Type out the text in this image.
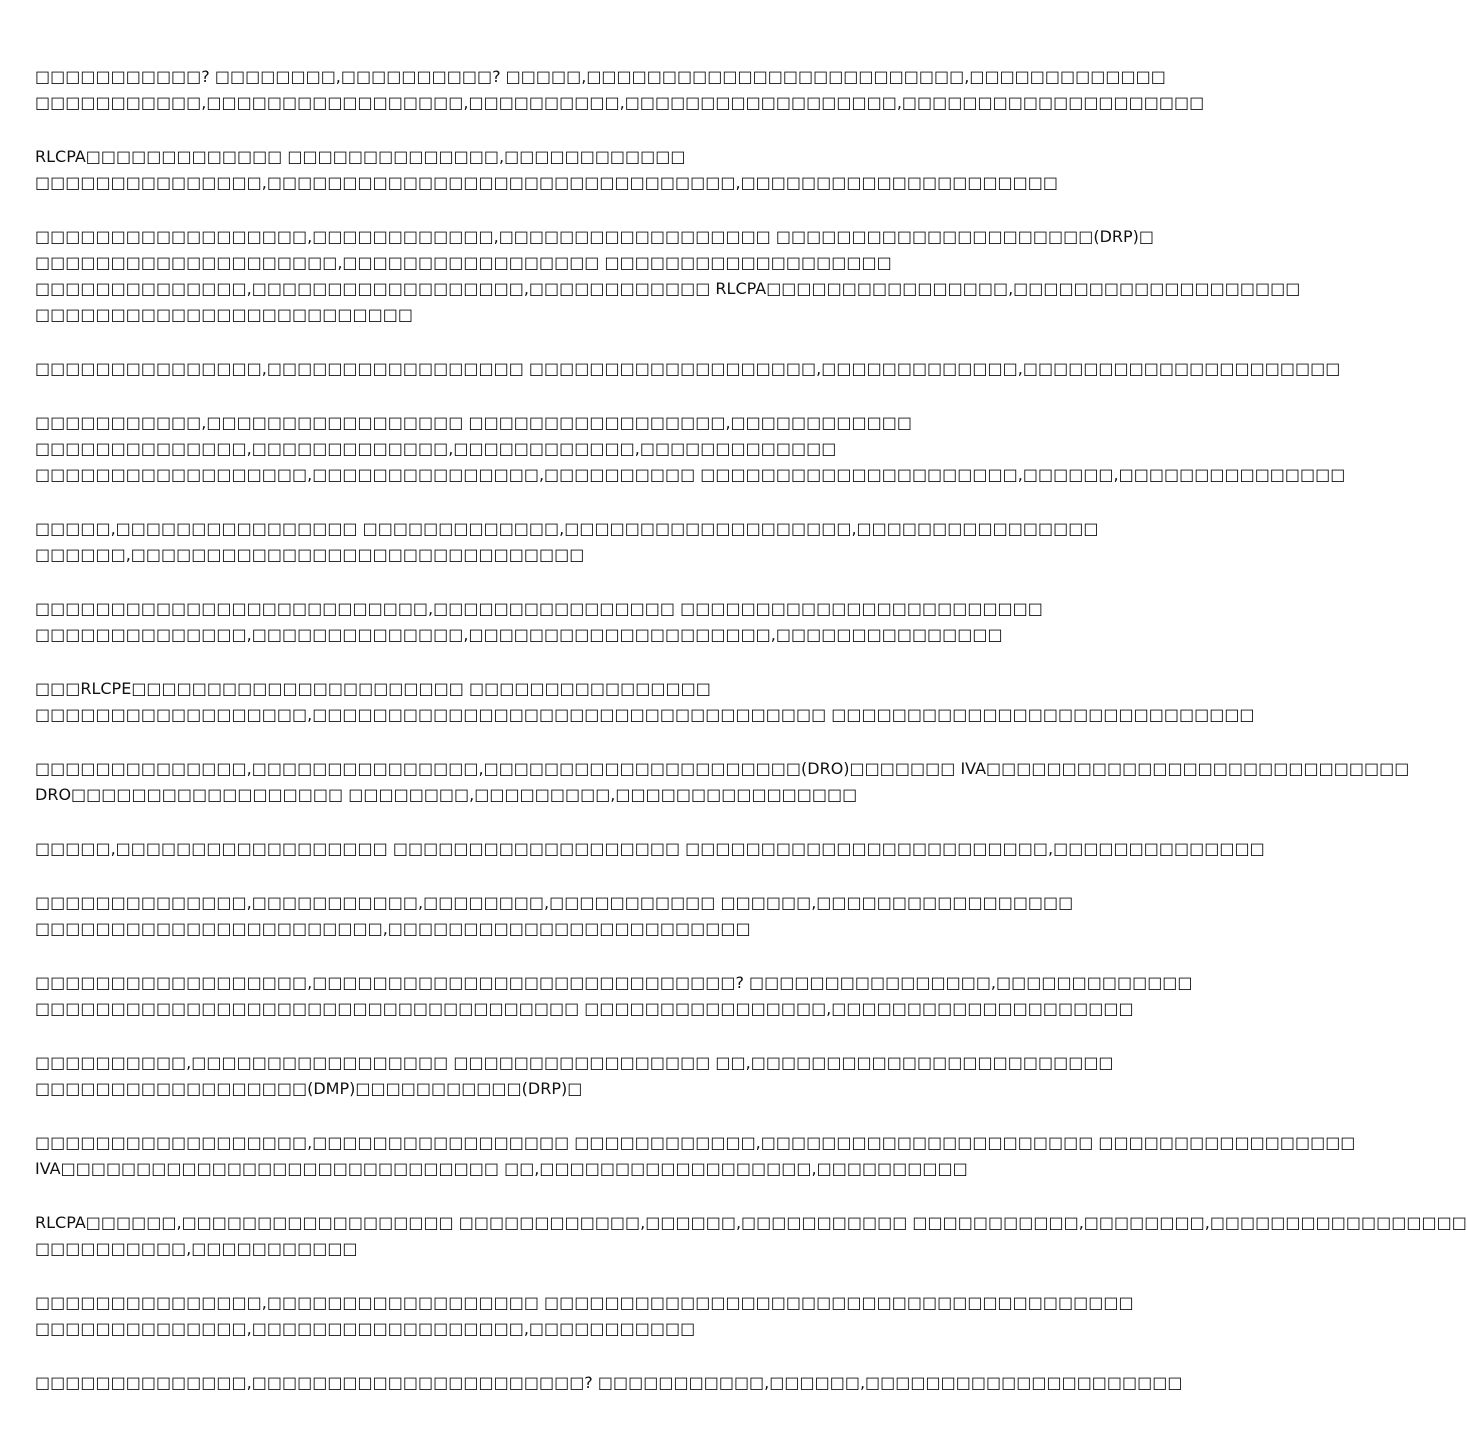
□□□□□□□□□□□? □□□□□□□□,□□□□□□□□□□? □□□□□,□□□□□□□□□□□□□□□□□□□□□□□□□,□□□□□□□□□□□□□
□□□□□□□□□□□,□□□□□□□□□□□□□□□□□,□□□□□□□□□□,□□□□□□□□□□□□□□□□□□,□□□□□□□□□□□□□□□□□□□□

RLCPA□□□□□□□□□□□□□ □□□□□□□□□□□□□□,□□□□□□□□□□□□
□□□□□□□□□□□□□□□,□□□□□□□□□□□□□□□□□□□□□□□□□□□□□□□,□□□□□□□□□□□□□□□□□□□□□

□□□□□□□□□□□□□□□□□□,□□□□□□□□□□□□,□□□□□□□□□□□□□□□□□□ □□□□□□□□□□□□□□□□□□□□□(DRP)□
□□□□□□□□□□□□□□□□□□□□,□□□□□□□□□□□□□□□□□ □□□□□□□□□□□□□□□□□□□
□□□□□□□□□□□□□□,□□□□□□□□□□□□□□□□□□,□□□□□□□□□□□□ RLCPA□□□□□□□□□□□□□□□□,□□□□□□□□□□□□□□□□□□□
□□□□□□□□□□□□□□□□□□□□□□□□□

□□□□□□□□□□□□□□□,□□□□□□□□□□□□□□□□□ □□□□□□□□□□□□□□□□□□□,□□□□□□□□□□□□□,□□□□□□□□□□□□□□□□□□□□□

□□□□□□□□□□□,□□□□□□□□□□□□□□□□□ □□□□□□□□□□□□□□□□□,□□□□□□□□□□□□
□□□□□□□□□□□□□□,□□□□□□□□□□□□□,□□□□□□□□□□□□,□□□□□□□□□□□□□
□□□□□□□□□□□□□□□□□□,□□□□□□□□□□□□□□□,□□□□□□□□□□ □□□□□□□□□□□□□□□□□□□□□,□□□□□□,□□□□□□□□□□□□□□□

□□□□□,□□□□□□□□□□□□□□□□ □□□□□□□□□□□□□,□□□□□□□□□□□□□□□□□□□,□□□□□□□□□□□□□□□□
□□□□□□,□□□□□□□□□□□□□□□□□□□□□□□□□□□□□□

□□□□□□□□□□□□□□□□□□□□□□□□□□,□□□□□□□□□□□□□□□□ □□□□□□□□□□□□□□□□□□□□□□□□
□□□□□□□□□□□□□□,□□□□□□□□□□□□□□,□□□□□□□□□□□□□□□□□□□□,□□□□□□□□□□□□□□□

□□□RLCPE□□□□□□□□□□□□□□□□□□□□□□ □□□□□□□□□□□□□□□□
□□□□□□□□□□□□□□□□□□,□□□□□□□□□□□□□□□□□□□□□□□□□□□□□□□□□□ □□□□□□□□□□□□□□□□□□□□□□□□□□□□

□□□□□□□□□□□□□□,□□□□□□□□□□□□□□□,□□□□□□□□□□□□□□□□□□□□□(DRO)□□□□□□□ IVA□□□□□□□□□□□□□□□□□□□□□□□□□□□□
DRO□□□□□□□□□□□□□□□□□□ □□□□□□□□,□□□□□□□□□,□□□□□□□□□□□□□□□□

□□□□□,□□□□□□□□□□□□□□□□□□ □□□□□□□□□□□□□□□□□□□ □□□□□□□□□□□□□□□□□□□□□□□□,□□□□□□□□□□□□□□

□□□□□□□□□□□□□□,□□□□□□□□□□□,□□□□□□□□,□□□□□□□□□□□ □□□□□□,□□□□□□□□□□□□□□□□□
□□□□□□□□□□□□□□□□□□□□□□□,□□□□□□□□□□□□□□□□□□□□□□□□

□□□□□□□□□□□□□□□□□□,□□□□□□□□□□□□□□□□□□□□□□□□□□□□? □□□□□□□□□□□□□□□□,□□□□□□□□□□□□□
□□□□□□□□□□□□□□□□□□□□□□□□□□□□□□□□□□□□ □□□□□□□□□□□□□□□□,□□□□□□□□□□□□□□□□□□□□

□□□□□□□□□□,□□□□□□□□□□□□□□□□□ □□□□□□□□□□□□□□□□□ □□,□□□□□□□□□□□□□□□□□□□□□□□□
□□□□□□□□□□□□□□□□□□(DMP)□□□□□□□□□□□(DRP)□

□□□□□□□□□□□□□□□□□□,□□□□□□□□□□□□□□□□□ □□□□□□□□□□□□,□□□□□□□□□□□□□□□□□□□□□□ □□□□□□□□□□□□□□□□□
IVA□□□□□□□□□□□□□□□□□□□□□□□□□□□□□ □□,□□□□□□□□□□□□□□□□□□,□□□□□□□□□□

RLCPA□□□□□□,□□□□□□□□□□□□□□□□□□ □□□□□□□□□□□□,□□□□□□,□□□□□□□□□□□ □□□□□□□□□□□,□□□□□□□□,□□□□□□□□□□□□□□□□□
□□□□□□□□□□,□□□□□□□□□□□

□□□□□□□□□□□□□□□,□□□□□□□□□□□□□□□□□□ □□□□□□□□□□□□□□□□□□□□□□□□□□□□□□□□□□□□□□□
□□□□□□□□□□□□□□,□□□□□□□□□□□□□□□□□□,□□□□□□□□□□□

□□□□□□□□□□□□□□,□□□□□□□□□□□□□□□□□□□□□□? □□□□□□□□□□□,□□□□□□,□□□□□□□□□□□□□□□□□□□□□
